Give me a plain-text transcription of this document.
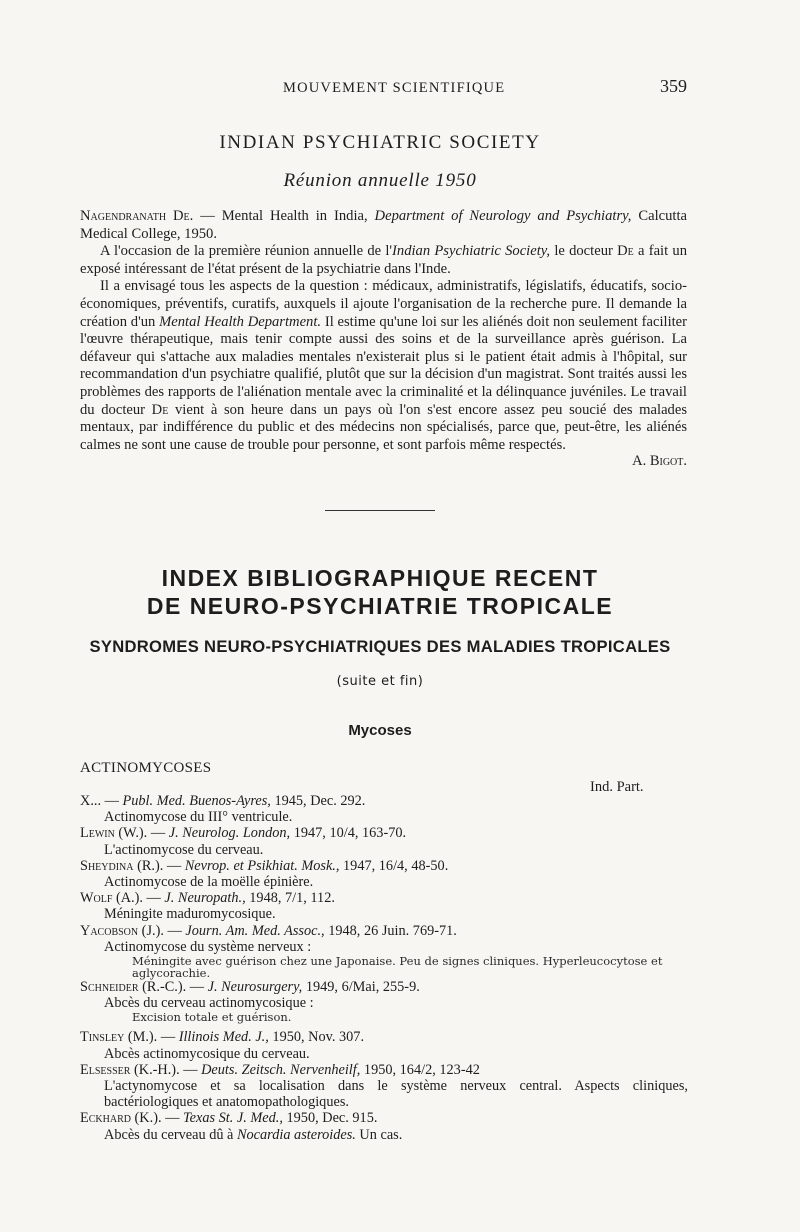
MOUVEMENT SCIENTIFIQUE	359
INDIAN PSYCHIATRIC SOCIETY
Réunion annuelle 1950

Nagendranath De. — Mental Health in India, Department of Neurology and Psychiatry, Calcutta Medical College, 1950.

A l'occasion de la première réunion annuelle de l'Indian Psychiatric Society, le docteur De a fait un exposé intéressant de l'état présent de la psychiatrie dans l'Inde.

Il a envisagé tous les aspects de la question : médicaux, administratifs, législatifs, éducatifs, socio-économiques, préventifs, curatifs, auxquels il ajoute l'organisation de la recherche pure. Il demande la création d'un Mental Health Department. Il estime qu'une loi sur les aliénés doit non seulement faciliter l'œuvre thérapeutique, mais tenir compte aussi des soins et de la surveillance après guérison. La défaveur qui s'attache aux maladies mentales n'existerait plus si le patient était admis à l'hôpital, sur recommandation d'un psychiatre qualifié, plutôt que sur la décision d'un magistrat. Sont traités aussi les problèmes des rapports de l'aliénation mentale avec la criminalité et la délinquance juvéniles. Le travail du docteur De vient à son heure dans un pays où l'on s'est encore assez peu soucié des malades mentaux, par indifférence du public et des médecins non spécialisés, parce que, peut-être, les aliénés calmes ne sont une cause de trouble pour personne, et sont parfois même respectés.

A. Bigot.
INDEX BIBLIOGRAPHIQUE RECENT
DE NEURO-PSYCHIATRIE TROPICALE
SYNDROMES NEURO-PSYCHIATRIQUES DES MALADIES TROPICALES
(suite et fin)
Mycoses
ACTINOMYCOSES
Ind. Part.
X... — Publ. Med. Buenos-Ayres, 1945, Dec. 292.
Actinomycose du III° ventricule.
Lewin (W.). — J. Neurolog. London, 1947, 10/4, 163-70.
L'actinomycose du cerveau.
Sheydina (R.). — Nevrop. et Psikhiat. Mosk., 1947, 16/4, 48-50.
Actinomycose de la moëlle épinière.
Wolf (A.). — J. Neuropath., 1948, 7/1, 112.
Méningite maduromycosique.
Yacobson (J.). — Journ. Am. Med. Assoc., 1948, 26 Juin. 769-71.
Actinomycose du système nerveux :
Méningite avec guérison chez une Japonaise. Peu de signes cliniques. Hyperleucocytose et aglycorachie.
Schneider (R.-C.). — J. Neurosurgery, 1949, 6/Mai, 255-9.
Abcès du cerveau actinomycosique :
Excision totale et guérison.
Tinsley (M.). — Illinois Med. J., 1950, Nov. 307.
Abcès actinomycosique du cerveau.
Elsesser (K.-H.). — Deuts. Zeitsch. Nervenheilf, 1950, 164/2, 123-42
L'actynomycose et sa localisation dans le système nerveux central. Aspects cliniques, bactériologiques et anatomopathologiques.
Eckhard (K.). — Texas St. J. Med., 1950, Dec. 915.
Abcès du cerveau dû à Nocardia asteroides. Un cas.
